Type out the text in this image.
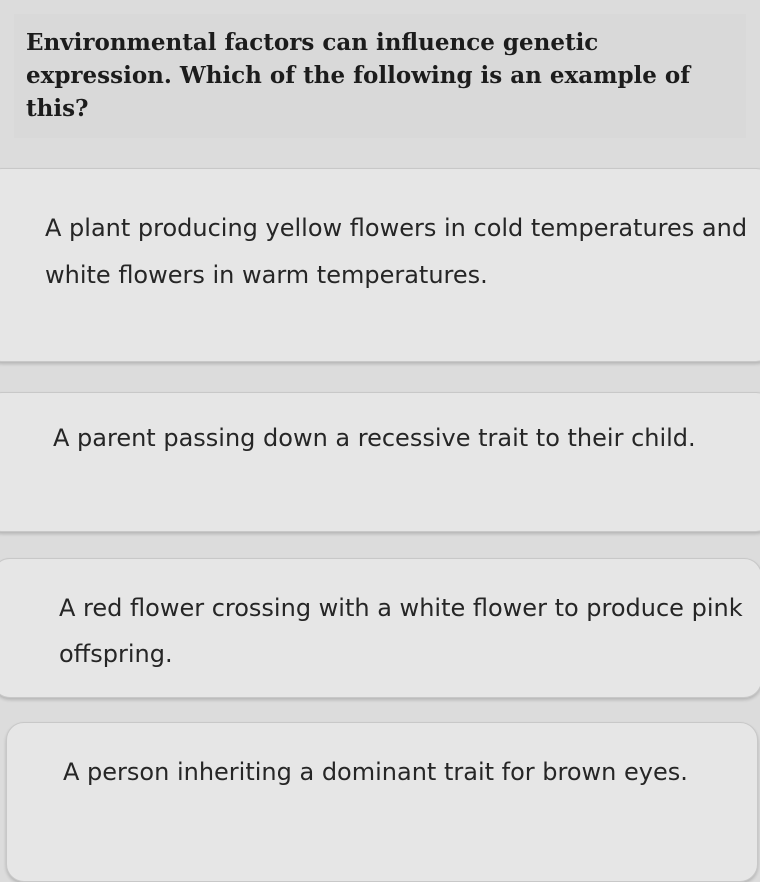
Environmental factors can influence genetic expression. Which of the following is an example of this?

A plant producing yellow flowers in cold temperatures and white flowers in warm temperatures.

A parent passing down a recessive trait to their child.

A red flower crossing with a white flower to produce pink offspring.

A person inheriting a dominant trait for brown eyes.
